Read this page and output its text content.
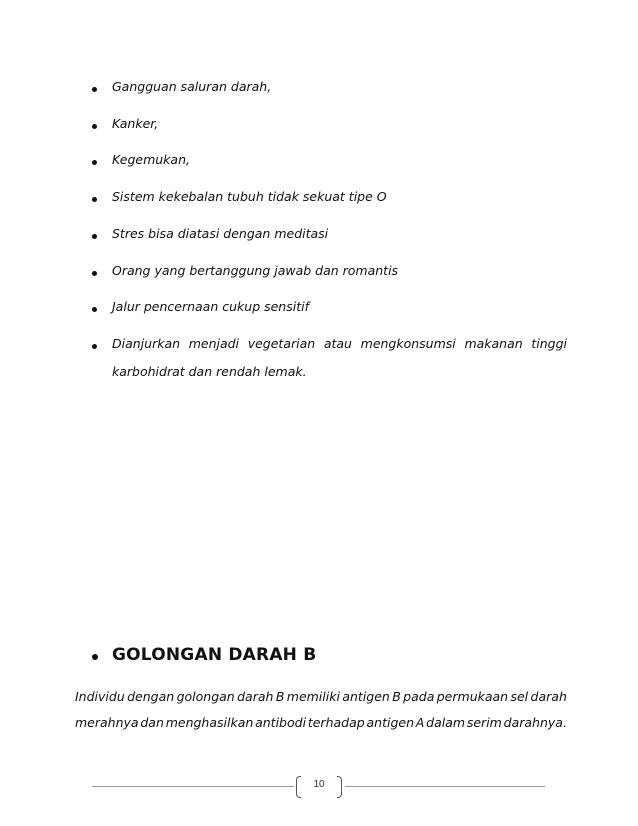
Gangguan saluran darah,
Kanker,
Kegemukan,
Sistem kekebalan tubuh tidak sekuat tipe O
Stres bisa diatasi dengan meditasi
Orang yang bertanggung jawab dan romantis
Jalur pencernaan cukup sensitif
Dianjurkan menjadi vegetarian atau mengkonsumsi makanan tinggi
karbohidrat dan rendah lemak.
GOLONGAN DARAH B
Individu dengan golongan darah B memiliki antigen B pada permukaan sel darah
merahnya dan menghasilkan antibodi terhadap antigen A dalam serim darahnya.
10
